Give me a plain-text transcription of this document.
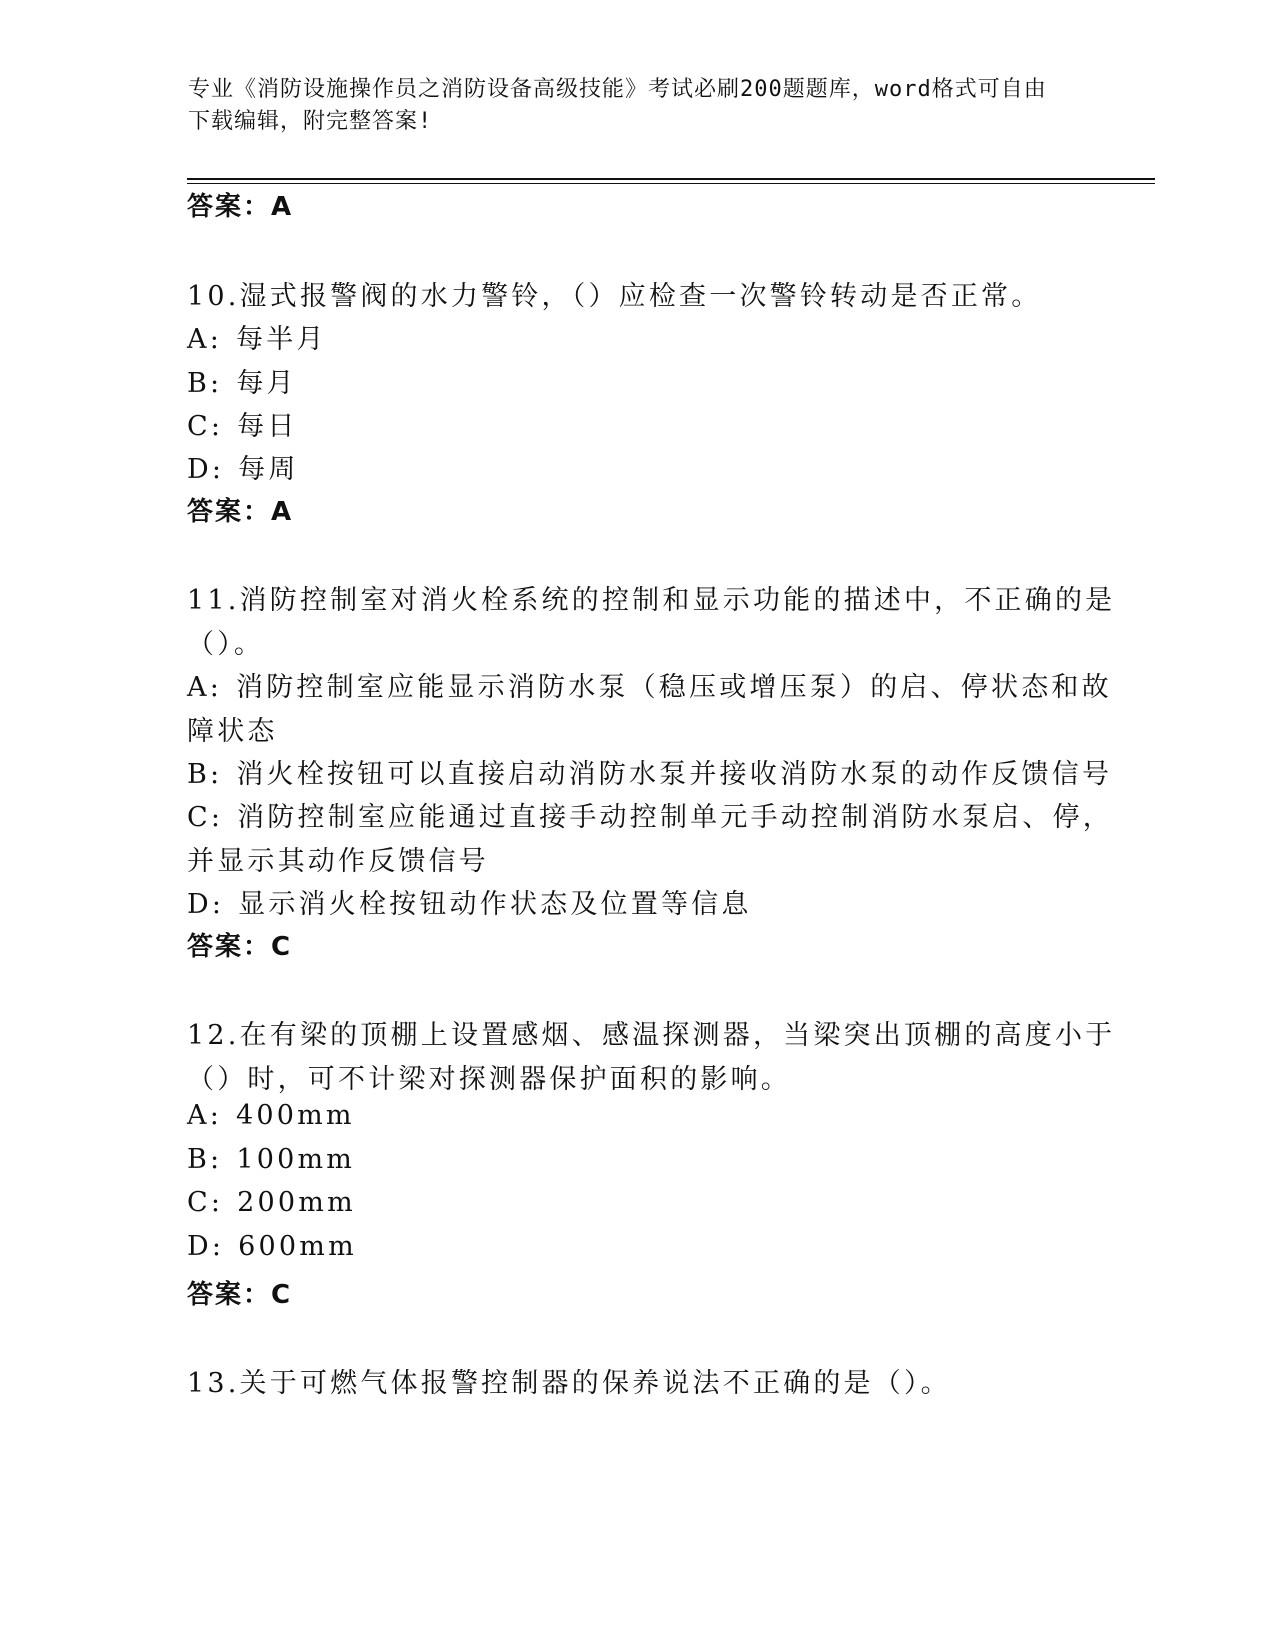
专业《消防设施操作员之消防设备高级技能》考试必刷200题题库，word格式可自由下载编辑，附完整答案!
答案：A
10.湿式报警阀的水力警铃，（）应检查一次警铃转动是否正常。
A: 每半月
B: 每月
C: 每日
D: 每周
答案：A
11.消防控制室对消火栓系统的控制和显示功能的描述中，不正确的是
（）。
A: 消防控制室应能显示消防水泵（稳压或增压泵）的启、停状态和故
障状态
B: 消火栓按钮可以直接启动消防水泵并接收消防水泵的动作反馈信号
C: 消防控制室应能通过直接手动控制单元手动控制消防水泵启、停，
并显示其动作反馈信号
D: 显示消火栓按钮动作状态及位置等信息
答案：C
12.在有梁的顶棚上设置感烟、感温探测器，当梁突出顶棚的高度小于
（）时，可不计梁对探测器保护面积的影响。
A: 400mm
B: 100mm
C: 200mm
D: 600mm
答案：C
13.关于可燃气体报警控制器的保养说法不正确的是（）。
